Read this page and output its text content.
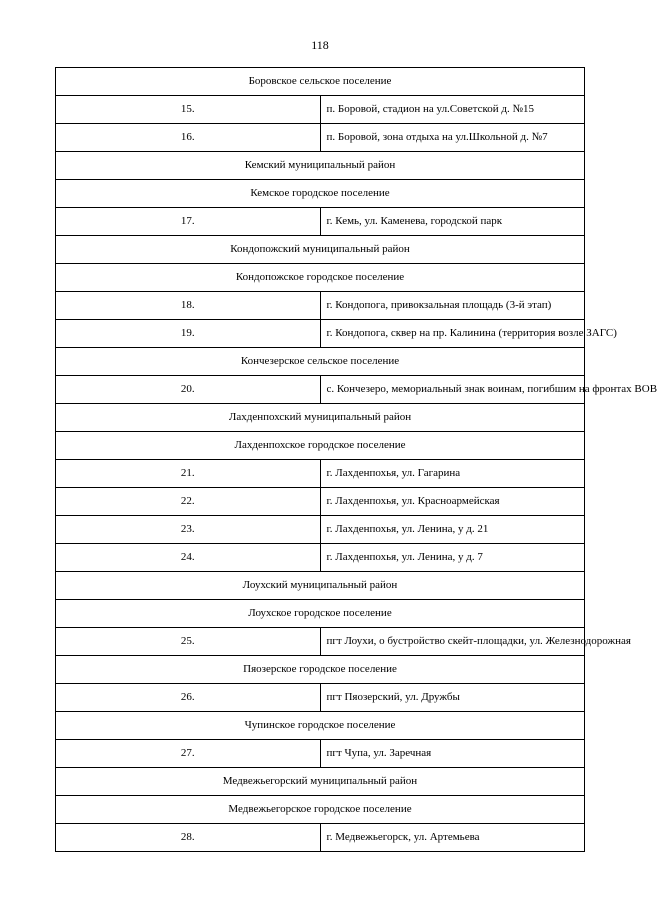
118
Боровское сельское поселение	
15.	п. Боровой, стадион на ул.Советской д. №15
16.	п. Боровой, зона отдыха на ул.Школьной д. №7
Кемский муниципальный район	
Кемское городское поселение	
17.	г. Кемь, ул. Каменева, городской парк
Кондопожский муниципальный район	
Кондопожское городское поселение	
18.	г. Кондопога, привокзальная площадь (3-й этап)
19.	г. Кондопога, сквер на пр. Калинина (территория возле ЗАГС)
Кончезерское сельское поселение	
20.	с. Кончезеро, мемориальный знак воинам, погибшим на фронтах ВОВ
Лахденпохский муниципальный район	
Лахденпохское городское поселение	
21.	г. Лахденпохья, ул. Гагарина
22.	г. Лахденпохья, ул. Красноармейская
23.	г. Лахденпохья, ул. Ленина, у д. 21
24.	г. Лахденпохья, ул. Ленина, у д. 7
Лоухский муниципальный район	
Лоухское городское поселение	
25.	пгт Лоухи, о бустройство скейт-площадки, ул. Железнодорожная
Пяозерское городское поселение	
26.	пгт Пяозерский, ул. Дружбы
Чупинское городское поселение	
27.	пгт Чупа, ул. Заречная
Медвежьегорский муниципальный район	
Медвежьегорское городское поселение	
28.	г. Медвежьегорск, ул. Артемьева
